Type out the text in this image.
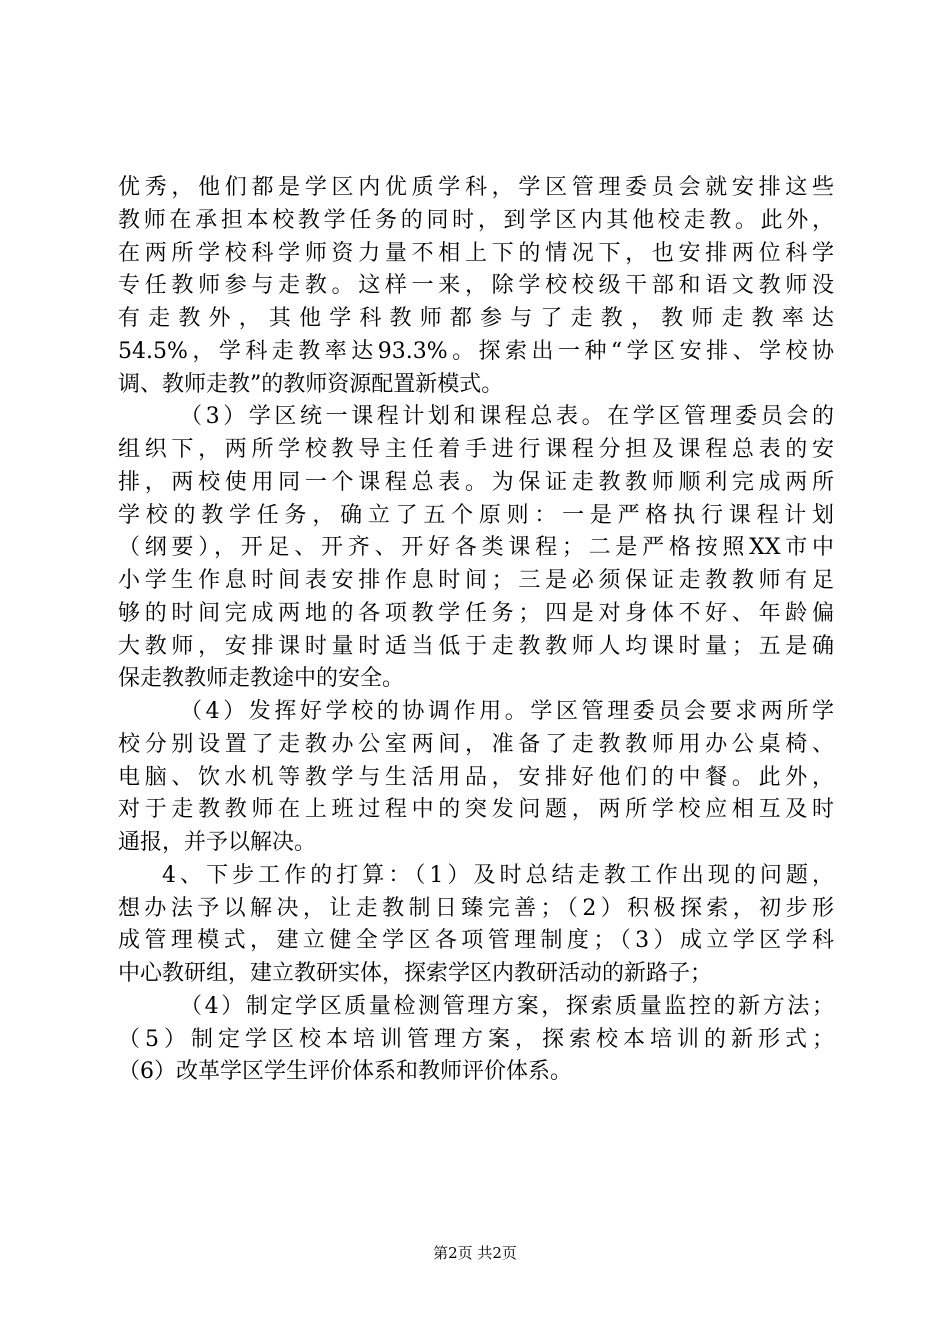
优秀，他们都是学区内优质学科，学区管理委员会就安排这些
教师在承担本校教学任务的同时，到学区内其他校走教。此外，
在两所学校科学师资力量不相上下的情况下，也安排两位科学
专任教师参与走教。这样一来，除学校校级干部和语文教师没
有走教外，其他学科教师都参与了走教，教师走教率达
54.5%，学科走教率达93.3%。探索出一种“学区安排、学校协
调、教师走教”的教师资源配置新模式。
（3）学区统一课程计划和课程总表。在学区管理委员会的
组织下，两所学校教导主任着手进行课程分担及课程总表的安
排，两校使用同一个课程总表。为保证走教教师顺利完成两所
学校的教学任务，确立了五个原则：一是严格执行课程计划
（纲要），开足、开齐、开好各类课程；二是严格按照XX市中
小学生作息时间表安排作息时间；三是必须保证走教教师有足
够的时间完成两地的各项教学任务；四是对身体不好、年龄偏
大教师，安排课时量时适当低于走教教师人均课时量；五是确
保走教教师走教途中的安全。
（4）发挥好学校的协调作用。学区管理委员会要求两所学
校分别设置了走教办公室两间，准备了走教教师用办公桌椅、
电脑、饮水机等教学与生活用品，安排好他们的中餐。此外，
对于走教教师在上班过程中的突发问题，两所学校应相互及时
通报，并予以解决。
4、下步工作的打算：（1）及时总结走教工作出现的问题，
想办法予以解决，让走教制日臻完善；（2）积极探索，初步形
成管理模式，建立健全学区各项管理制度；（3）成立学区学科
中心教研组，建立教研实体，探索学区内教研活动的新路子；
（4）制定学区质量检测管理方案，探索质量监控的新方法；
（5）制定学区校本培训管理方案，探索校本培训的新形式；
（6）改革学区学生评价体系和教师评价体系。
第2页 共2页
